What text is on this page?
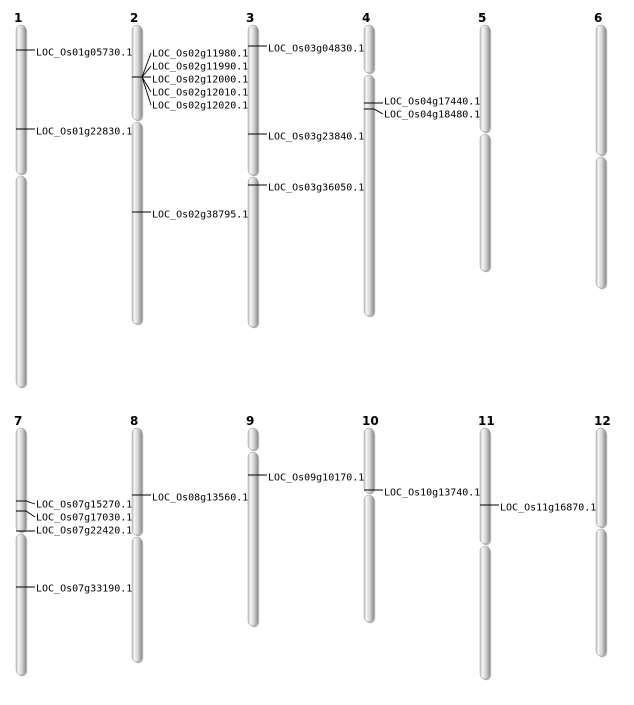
1
LOC_Os01g05730.1
LOC_Os01g22830.1
2
LOC_Os02g11980.1
LOC_Os02g11990.1
LOC_Os02g12000.1
LOC_Os02g12010.1
LOC_Os02g12020.1
LOC_Os02g38795.1
3
LOC_Os03g04830.1
LOC_Os03g23840.1
LOC_Os03g36050.1
4
LOC_Os04g17440.1
LOC_Os04g18480.1
5	6
7
LOC_Os07g15270.1
LOC_Os07g17030.1
LOC_Os07g22420.1
LOC_Os07g33190.1
8
LOC_Os08g13560.1
9
LOC_Os09g10170.1
10
LOC_Os10g13740.1
11
LOC_Os11g16870.1
12
